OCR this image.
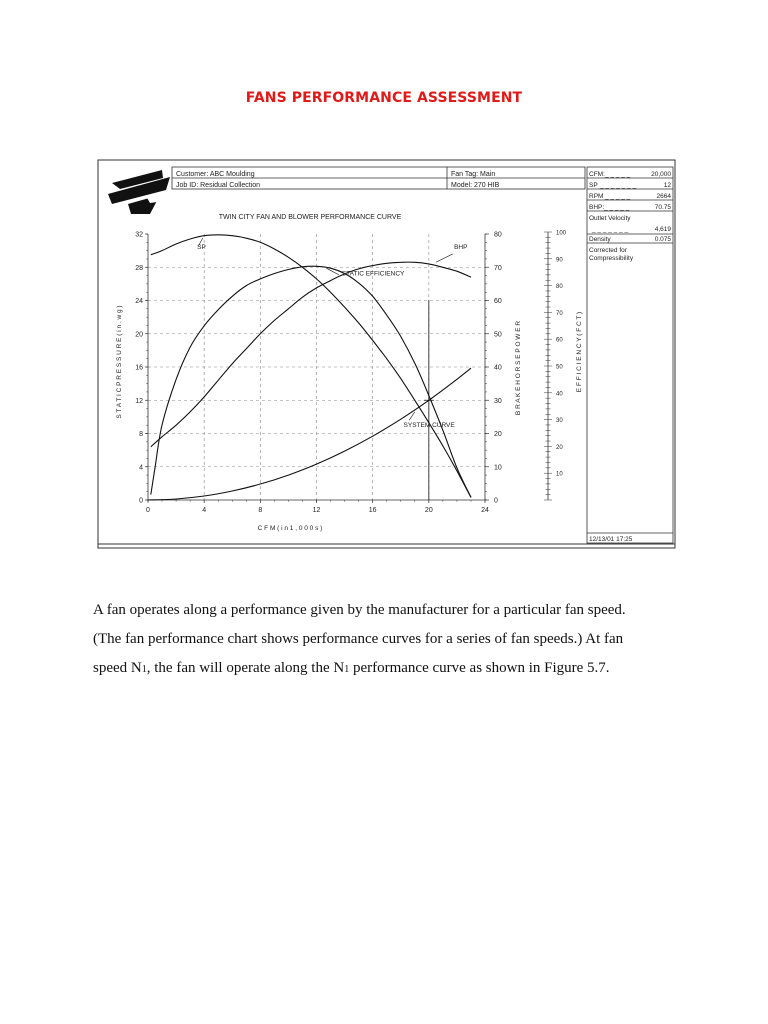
FANS PERFORMANCE ASSESSMENT
Customer: ABC Moulding
Job ID: Residual Collection
Fan Tag: Main
Model: 270 HIB
CFM: _ _ _ _ _	20,000
SP _ _ _ _ _ _ _	12
RPM _ _ _ _ _	2664
BHP: _ _ _ _ _	70.75
Outlet Velocity
_ _ _ _ _ _ _	4,619
Density	0.075
Corrected for
Compressibility
12/13/01 17:25
TWIN CITY FAN AND BLOWER PERFORMANCE CURVE
C F M ( i n 1 , 0 0 0 s )
S T A T I C P R E S S U R E ( i n . w g )	B R A K E H O R S E P O W E R	E F F I C I E N C Y ( F C T )
0	4	8	12	16	20	24
0
4
8
12
16
20
24
28
32
0
10
20
30
40
50
60
70
80
10
20
30
40
50
60
70
80
90
100
SP	BHP
STATIC EFFICIENCY
SYSTEM CURVE

A fan operates along a performance given by the manufacturer for a particular fan speed.

(The fan performance chart shows performance curves for a series of fan speeds.) At fan

speed N1, the fan will operate along the N1 performance curve as shown in Figure 5.7.
